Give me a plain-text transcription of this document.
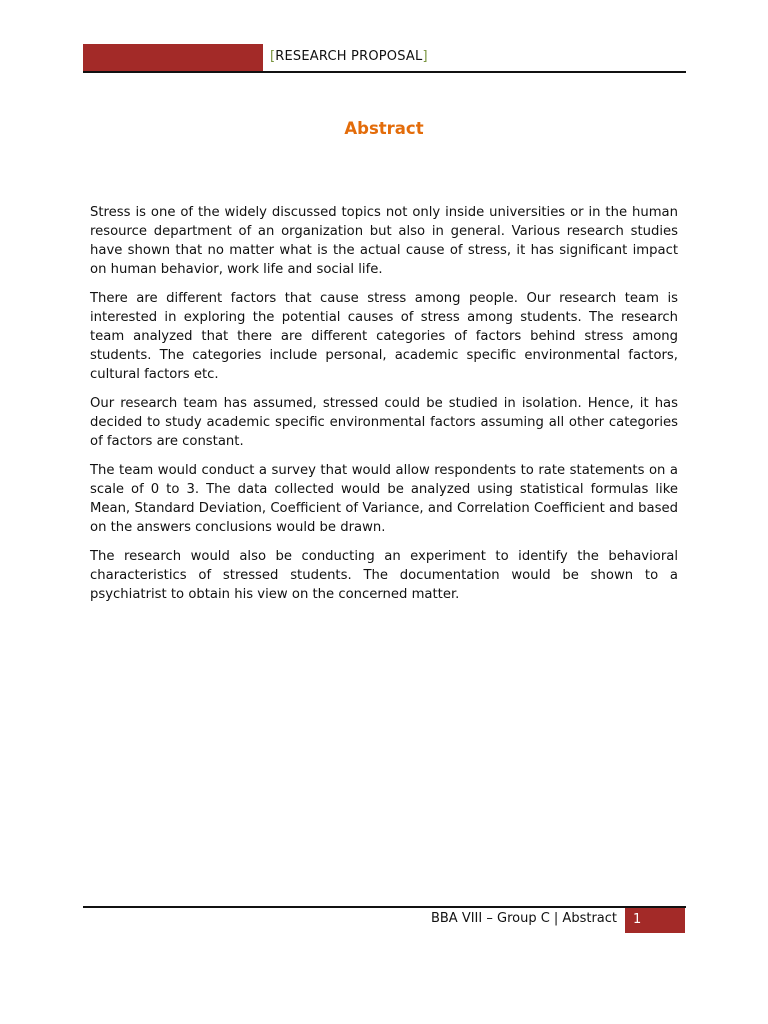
[RESEARCH PROPOSAL]
Abstract

Stress is one of the widely discussed topics not only inside universities or in the human resource department of an organization but also in general. Various research studies have shown that no matter what is the actual cause of stress, it has significant impact on human behavior, work life and social life.

There are different factors that cause stress among people. Our research team is interested in exploring the potential causes of stress among students. The research team analyzed that there are different categories of factors behind stress among students. The categories include personal, academic specific environmental factors, cultural factors etc.

Our research team has assumed, stressed could be studied in isolation. Hence, it has decided to study academic specific environmental factors assuming all other categories of factors are constant.

The team would conduct a survey that would allow respondents to rate statements on a scale of 0 to 3. The data collected would be analyzed using statistical formulas like Mean, Standard Deviation, Coefficient of Variance, and Correlation Coefficient and based on the answers conclusions would be drawn.

The research would also be conducting an experiment to identify the behavioral characteristics of stressed students. The documentation would be shown to a psychiatrist to obtain his view on the concerned matter.

BBA VIII – Group C | Abstract 1
